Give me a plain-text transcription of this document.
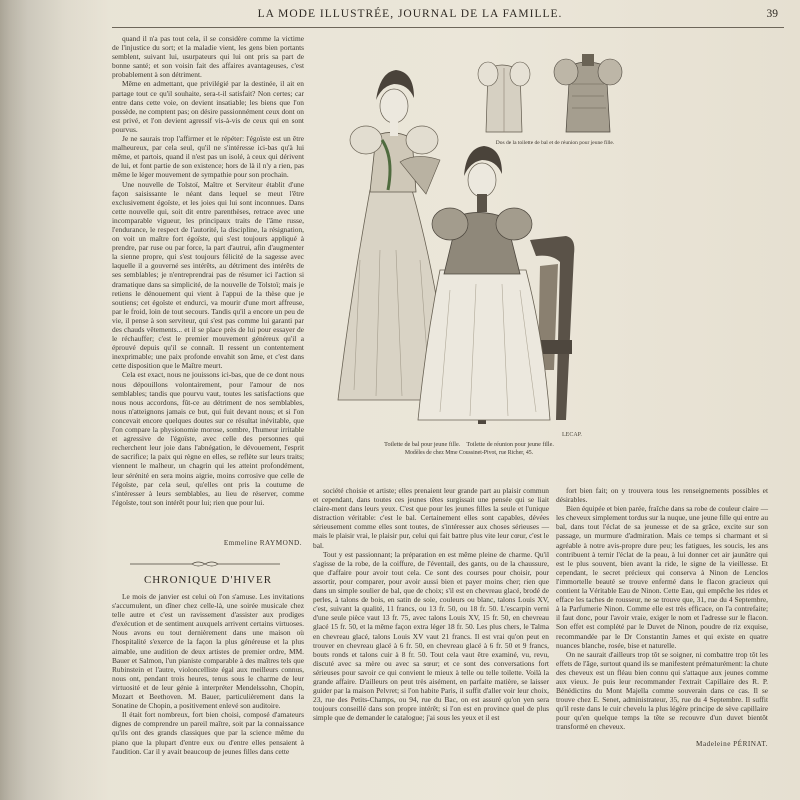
LA MODE ILLUSTRÉE, JOURNAL DE LA FAMILLE.	39

quand il n'a pas tout cela, il se considère comme la victime de l'injustice du sort; et la maladie vient, les gens bien portants semblent, suivant lui, usurpateurs qui lui ont pris sa part de bonne santé; et son voisin fait des affaires avantageuses, c'est probablement à son détriment.

Même en admettant, que privilégié par la destinée, il ait en partage tout ce qu'il souhaite, sera-t-il satisfait? Non certes; car entre dans cette voie, on devient insatiable; les biens que l'on possède, ne comptent pas; on désire passionnément ceux dont on est privé, et l'on devient agressif vis-à-vis de ceux qui en sont pourvus.

Je ne saurais trop l'affirmer et le répéter: l'égoïste est un être malheureux, par cela seul, qu'il ne s'intéresse ici-bas qu'à lui même, et partois, quand il n'est pas un isolé, à ceux qui dérivent de lui, et font partie de son existence; hors de là il n'y a rien, pas même le léger mouvement de sympathie pour son prochain.

Une nouvelle de Tolstoï, Maître et Serviteur établit d'une façon saisissante le néant dans lequel se meut l'être exclusivement égoïste, et les joies qui lui sont inconnues. Dans cette nouvelle qui, soit dit entre parenthèses, retrace avec une incomparable vigueur, les principaux traits de l'âme russe, l'endurance, le respect de l'autorité, la discipline, la résignation, on voit un maître fort égoïste, qui s'est toujours appliqué à prendre, par ruse ou par force, la part d'autrui, afin d'augmenter la sienne propre, qui s'est toujours félicité de la sagesse avec laquelle il a gouverné ses intérêts, au détriment des intérêts de ses semblables; je n'entreprendrai pas de résumer ici l'action si dramatique dans sa simplicité, de la nouvelle de Tolstoï; mais je retiens le dénouement qui vient à l'appui de la thèse que je soutiens; cet égoïste et endurci, va mourir d'une mort affreuse, par le froid, loin de tout secours. Tandis qu'il a encore un peu de vie, il pense à son serviteur, qui s'est pas comme lui garanti par des chauds vêtements... et il se place près de lui pour essayer de le réchauffer; c'est le premier mouvement généreux qu'il a éprouvé depuis qu'il se connaît. Il ressent un contentement inexprimable; une paix profonde envahit son âme, et c'est dans cette disposition que le Maître meurt.

Cela est exact, nous ne jouissons ici-bas, que de ce dont nous nous dépouillons volontairement, pour l'amour de nos semblables; tandis que pourvu vaut, toutes les satisfactions que nous nous accordons, fût-ce au détriment de nos semblables, nous n'atteignons jamais ce but, qui fuit devant nous; et si l'on concevait encore quelques doutes sur ce résultat inévitable, que l'on compare la physionomie morose, sombre, l'humeur irritable et agressive de l'égoïste, avec celle des personnes qui recherchent leur joie dans l'abnégation, le dévouement, l'esprit de sacrifice; la paix qui règne en elles, se reflète sur leurs traits; viennent le malheur, un chagrin qui les atteint profondément, leur sérénité en sera moins aigrie, moins corrosive que celle de l'égoïste, par cela seul, qu'elles ont pris la coutume de s'intéresser à leurs semblables, au lieu de réserver, comme l'égoïste, tout son intérêt pour lui; rien que pour lui.

Emmeline RAYMOND.
CHRONIQUE D'HIVER

Le mois de janvier est celui où l'on s'amuse. Les invitations s'accumulent, un dîner chez celle-là, une soirée musicale chez telle autre et c'est un ravissement d'assister aux prodiges d'exécution et de sentiment auxquels arrivent certains virtuoses. Nous avons eu tout dernièrement dans une maison où l'hospitalité s'exerce de la façon la plus généreuse et la plus aimable, une audition de deux artistes de premier ordre, MM. Bauer et Salmon, l'un pianiste comparable à des maîtres tels que Rubinstein et l'autre, violoncelliste égal aux meilleurs connus, nous ont, pendant trois heures, tenus sous le charme de leur virtuosité et de leur génie à interpréter Mendelssohn, Chopin, Mozart et Beethoven. M. Bauer, particulièrement dans la Sonatine de Chopin, a positivement enlevé son auditoire.

Il était fort nombreux, fort bien choisi, composé d'amateurs dignes de comprendre un pareil maître, soit par la connaissance qu'ils ont des grands classiques que par la science même du piano que la plupart d'entre eux ou d'entre elles pensaient à l'audition. Car il y avait beaucoup de jeunes filles dans cette

LECAP.
Dos de la toilette de bal et de réunion pour jeune fille.
Toilette de bal pour jeune fille.    Toilette de réunion pour jeune fille.
Modèles de chez Mme Coussinet-Pivot, rue Richer, 45.

société choisie et artiste; elles prenaient leur grande part au plaisir commun et cependant, dans toutes ces jeunes têtes surgissait une pensée qui se liait claire-ment dans leurs yeux. C'est que pour les jeunes filles la seule et l'unique distraction véritable: c'est le bal. Certainement elles sont capables, dévées sérieusement comme elles sont toutes, de s'intéresser aux choses sérieuses — mais le plaisir vrai, le plaisir pur, celui qui fait battre plus vite leur cœur, c'est le bal.

Tout y est passionnant; la préparation en est même pleine de charme. Qu'il s'agisse de la robe, de la coiffure, de l'éventail, des gants, ou de la chaussure, que d'affaire pour avoir tout cela. Ce sont des courses pour choisir, pour assortir, pour comparer, pour avoir aussi bien et payer moins cher; rien que dans un simple soulier de bal, que de choix; s'il est en chevreau glacé, brodé de perles, à talons de bois, en satin de soie, couleurs ou blanc, talons Louis XV, c'est, suivant la qualité, 11 francs, ou 13 fr. 50, ou 18 fr. 50. L'escarpin verni d'une seule pièce vaut 13 fr. 75, avec talons Louis XV, 15 fr. 50, en chevreau glacé 15 fr. 50, et la même façon extra léger 18 fr. 50. Les plus chers, le Talma en chevreau glacé, talons Louis XV vaut 21 francs. Il est vrai qu'on peut en trouver en chevreau glacé à 6 fr. 50, en chevreau glacé à 6 fr. 50 et 9 francs, bouts ronds et talons cuir à 8 fr. 50. Tout cela vaut être examiné, vu, revu, discuté avec sa mère ou avec sa sœur; et ce sont des conversations fort sérieuses pour savoir ce qui convient le mieux à telle ou telle toilette. Voilà la grande affaire. D'ailleurs on peut très aisément, en parfaite matière, se laisser guider par la maison Pelvret; si l'on habite Paris, il suffit d'aller voir leur choix, 23, rue des Petits-Champs, ou 94, rue du Bac, on est assuré qu'on yen sera toujours conseillé dans son propre intérêt; si l'on est en province quel de plus simple que de demander le catalogue; j'ai sous les yeux et il est

fort bien fait; on y trouvera tous les renseignements possibles et désirables.

Bien équipée et bien parée, fraîche dans sa robe de couleur claire — les cheveux simplement tordus sur la nuque, une jeune fille qui entre au bal, dans tout l'éclat de sa jeunesse et de sa grâce, excite sur son passage, un murmure d'admiration. Mais ce temps si charmant et si agréable à notre avis-propre dure peu; les fatigues, les soucis, les ans contribuent à ternir l'éclat de la peau, à lui donner cet air jaunâtre qui est le plus souvent, bien avant la ride, le signe de la vieillesse. Et cependant, le secret précieux qui conserva à Ninon de Lenclos l'immortelle beauté se trouve enfermé dans le flacon gracieux qui contient la Véritable Eau de Ninon. Cette Eau, qui empêche les rides et efface les taches de rousseur, ne se trouve que, 31, rue du 4 Septembre, à la Parfumerie Ninon. Comme elle est très efficace, on l'a contrefaite; il faut donc, pour l'avoir vraie, exiger le nom et l'adresse sur le flacon. Son effet est complété par le Duvet de Ninon, poudre de riz exquise, recommandée par le Dr Constantin James et qui existe en quatre nuances blanche, rosée, bise et naturelle.

On ne saurait d'ailleurs trop tôt se soigner, ni combattre trop tôt les effets de l'âge, surtout quand ils se manifestent prématurément: la chute des cheveux est un fléau bien connu qui s'attaque aux jeunes comme aux vieux. Je puis leur recommander l'extrait Capillaire des R. P. Bénédictins du Mont Majella comme souverain dans ce cas. Il se trouve chez E. Senet, administrateur, 35, rue du 4 Septembre. Il suffit qu'il reste dans le cuir chevelu la plus légère principe de sève capillaire pour qu'en quelque temps la tête se recouvre d'un duvet bientôt transformé en cheveux.

Madeleine PÉRINAT.
